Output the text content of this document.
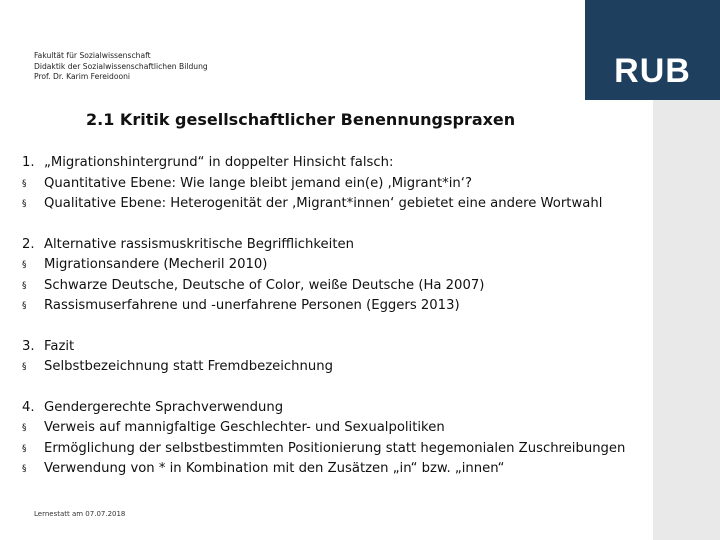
RUB
Fakultät für Sozialwissenschaft
Didaktik der Sozialwissenschaftlichen Bildung
Prof. Dr. Karim Fereidooni
2.1 Kritik gesellschaftlicher Benennungspraxen
1. „Migrationshintergrund“ in doppelter Hinsicht falsch:
§	Quantitative Ebene: Wie lange bleibt jemand ein(e) ‚Migrant*in‘?
§	Qualitative Ebene: Heterogenität der ‚Migrant*innen‘ gebietet eine andere Wortwahl
2. Alternative rassismuskritische Begrifflichkeiten
§	Migrationsandere (Mecheril 2010)
§	Schwarze Deutsche, Deutsche of Color, weiße Deutsche (Ha 2007)
§	Rassismuserfahrene und -unerfahrene Personen (Eggers 2013)
3. Fazit
§	Selbstbezeichnung statt Fremdbezeichnung
4. Gendergerechte Sprachverwendung
§	Verweis auf mannigfaltige Geschlechter- und Sexualpolitiken
§	Ermöglichung der selbstbestimmten Positionierung statt hegemonialen Zuschreibungen
§	Verwendung von * in Kombination mit den Zusätzen „in“ bzw. „innen“
Lernestatt am 07.07.2018
